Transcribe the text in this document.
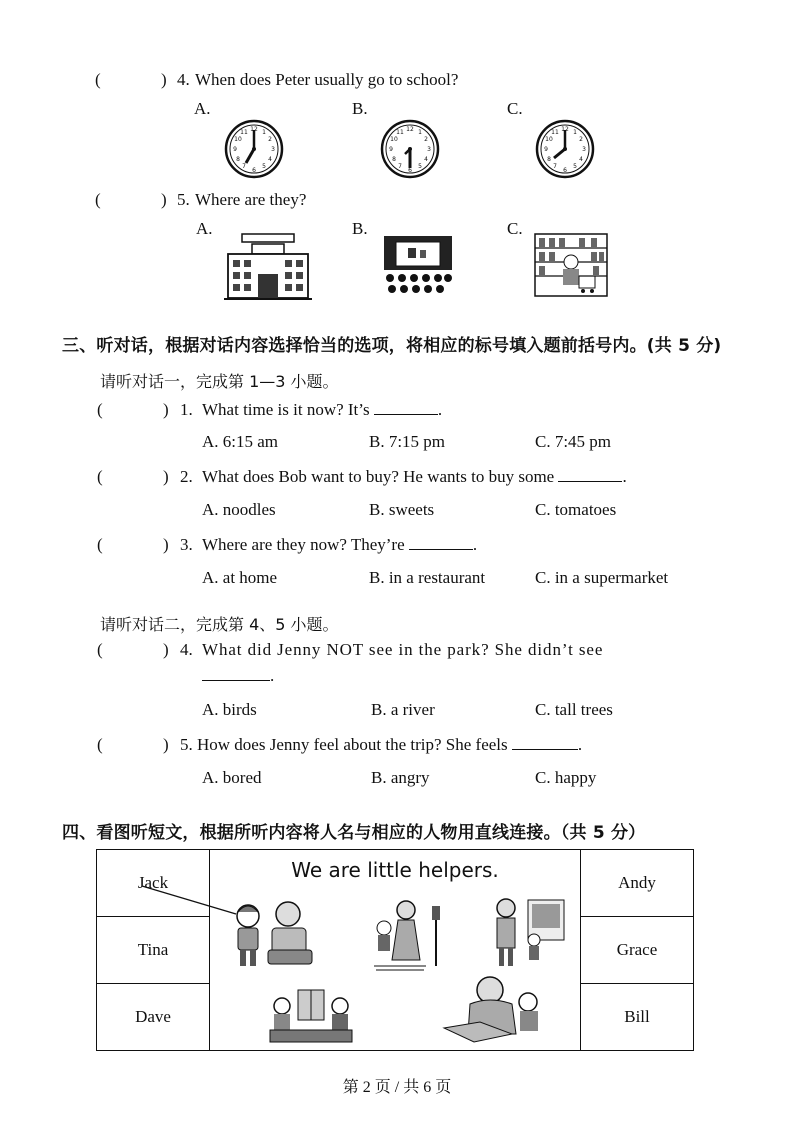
(	) 4. When does Peter usually go to school?
A.	B.	C.
12 1
2
3
4
5
6
7
8
9
10
11	12 1
2
3
4
5
6
7
8
9
10
11	12 1
2
3
4
5
6
7
8
9
10
11
(	) 5. Where are they?
A.	B.	C.
三、听对话，根据对话内容选择恰当的选项，将相应的标号填入题前括号内。(共 5 分)
请听对话一，完成第 1—3 小题。
(	) 1. What time is it now? It’s	.
A. 6:15 am	B. 7:15 pm	C. 7:45 pm
(	) 2. What does Bob want to buy? He wants to buy some	.
A. noodles	B. sweets	C. tomatoes
(	) 3. Where are they now? They’re	.
A. at home	B. in a restaurant	C. in a supermarket
请听对话二，完成第 4、5 小题。
(	) 4. What did Jenny NOT see in the park? She didn’t see
.
A. birds	B. a river	C. tall trees
(	) 5. How does Jenny feel about the trip? She feels	.
A. bored	B. angry	C. happy
四、看图听短文，根据所听内容将人名与相应的人物用直线连接。（共 5 分）
Jack	We are little helpers.	Andy
Tina		Grace
Dave		Bill
第 2 页 / 共 6 页
